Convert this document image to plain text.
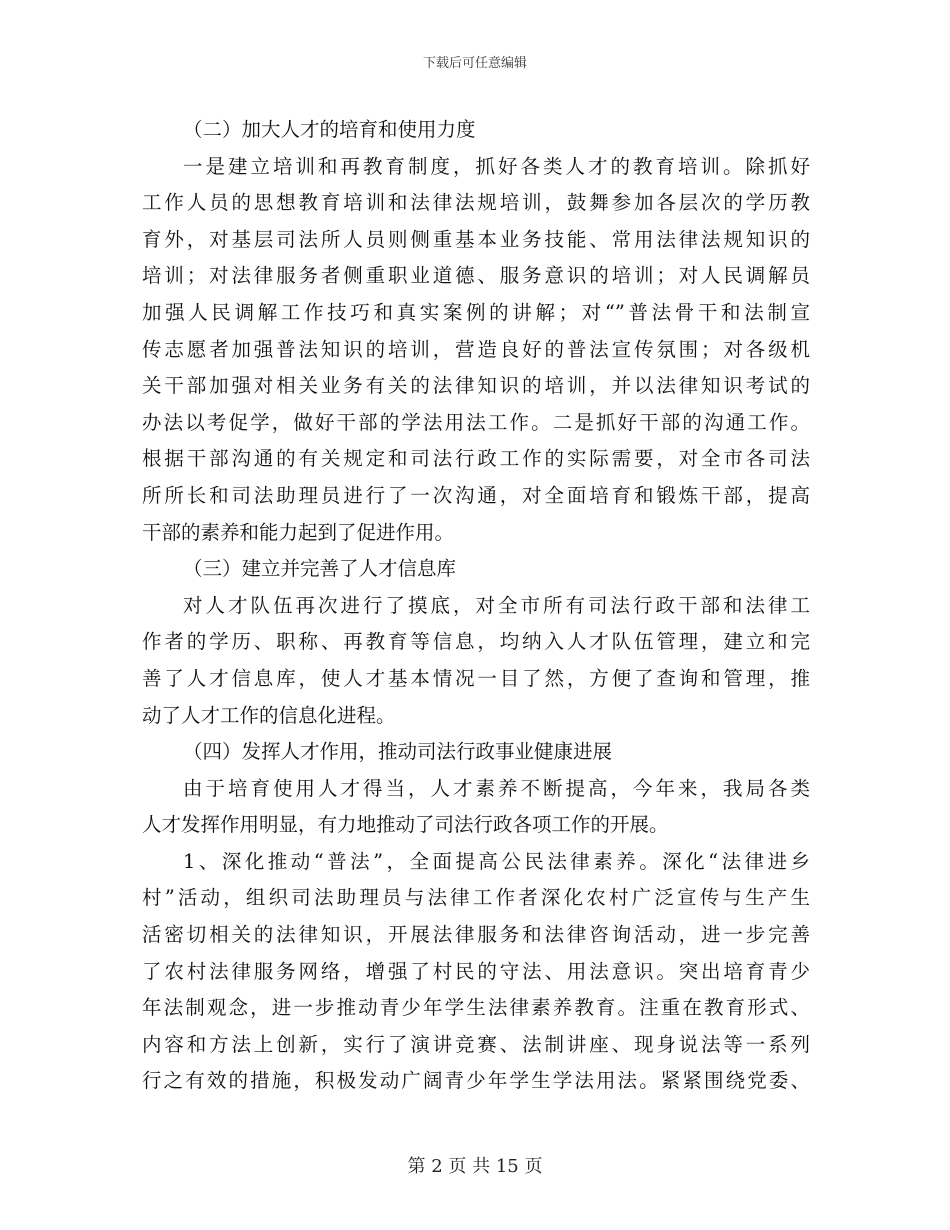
下载后可任意编辑
（二）加大人才的培育和使用力度
一是建立培训和再教育制度，抓好各类人才的教育培训。除抓好
工作人员的思想教育培训和法律法规培训，鼓舞参加各层次的学历教
育外，对基层司法所人员则侧重基本业务技能、常用法律法规知识的
培训；对法律服务者侧重职业道德、服务意识的培训；对人民调解员
加强人民调解工作技巧和真实案例的讲解；对“”普法骨干和法制宣
传志愿者加强普法知识的培训，营造良好的普法宣传氛围；对各级机
关干部加强对相关业务有关的法律知识的培训，并以法律知识考试的
办法以考促学，做好干部的学法用法工作。二是抓好干部的沟通工作。
根据干部沟通的有关规定和司法行政工作的实际需要，对全市各司法
所所长和司法助理员进行了一次沟通，对全面培育和锻炼干部，提高
干部的素养和能力起到了促进作用。
（三）建立并完善了人才信息库
对人才队伍再次进行了摸底，对全市所有司法行政干部和法律工
作者的学历、职称、再教育等信息，均纳入人才队伍管理，建立和完
善了人才信息库，使人才基本情况一目了然，方便了查询和管理，推
动了人才工作的信息化进程。
（四）发挥人才作用，推动司法行政事业健康进展
由于培育使用人才得当，人才素养不断提高，今年来，我局各类
人才发挥作用明显，有力地推动了司法行政各项工作的开展。
1、深化推动“普法”，全面提高公民法律素养。深化“法律进乡
村”活动，组织司法助理员与法律工作者深化农村广泛宣传与生产生
活密切相关的法律知识，开展法律服务和法律咨询活动，进一步完善
了农村法律服务网络，增强了村民的守法、用法意识。突出培育青少
年法制观念，进一步推动青少年学生法律素养教育。注重在教育形式、
内容和方法上创新，实行了演讲竞赛、法制讲座、现身说法等一系列
行之有效的措施，积极发动广阔青少年学生学法用法。紧紧围绕党委、
第 2 页 共 15 页
